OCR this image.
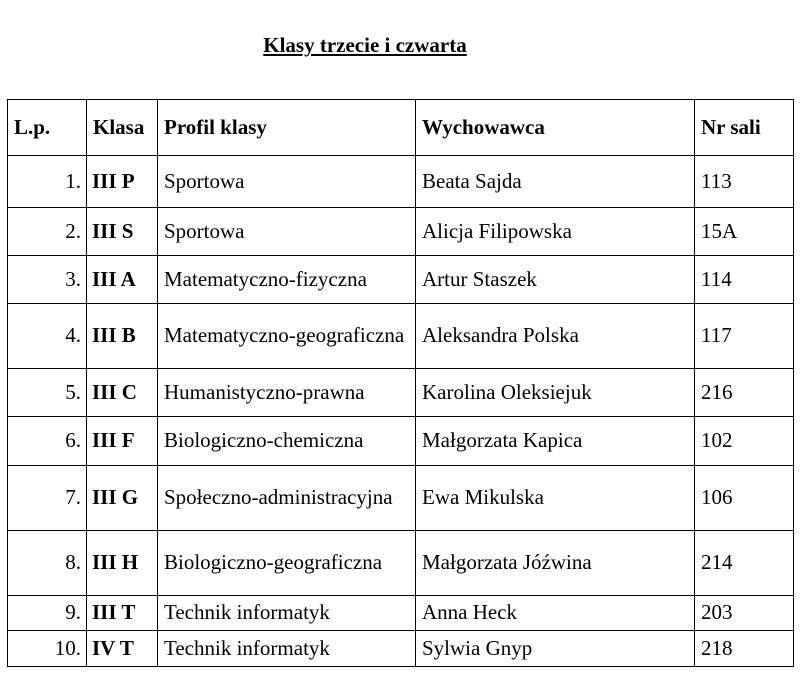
Klasy trzecie i czwarta
L.p.	Klasa	Profil klasy	Wychowawca	Nr sali
1.	III P	Sportowa	Beata Sajda	113
2.	III S	Sportowa	Alicja Filipowska	15A
3.	III A	Matematyczno-fizyczna	Artur Staszek	114
4.	III B	Matematyczno-geograficzna	Aleksandra Polska	117
5.	III C	Humanistyczno-prawna	Karolina Oleksiejuk	216
6.	III F	Biologiczno-chemiczna	Małgorzata Kapica	102
7.	III G	Społeczno-administracyjna	Ewa Mikulska	106
8.	III H	Biologiczno-geograficzna	Małgorzata Jóźwina	214
9.	III T	Technik informatyk	Anna Heck	203
10.	IV T	Technik informatyk	Sylwia Gnyp	218
